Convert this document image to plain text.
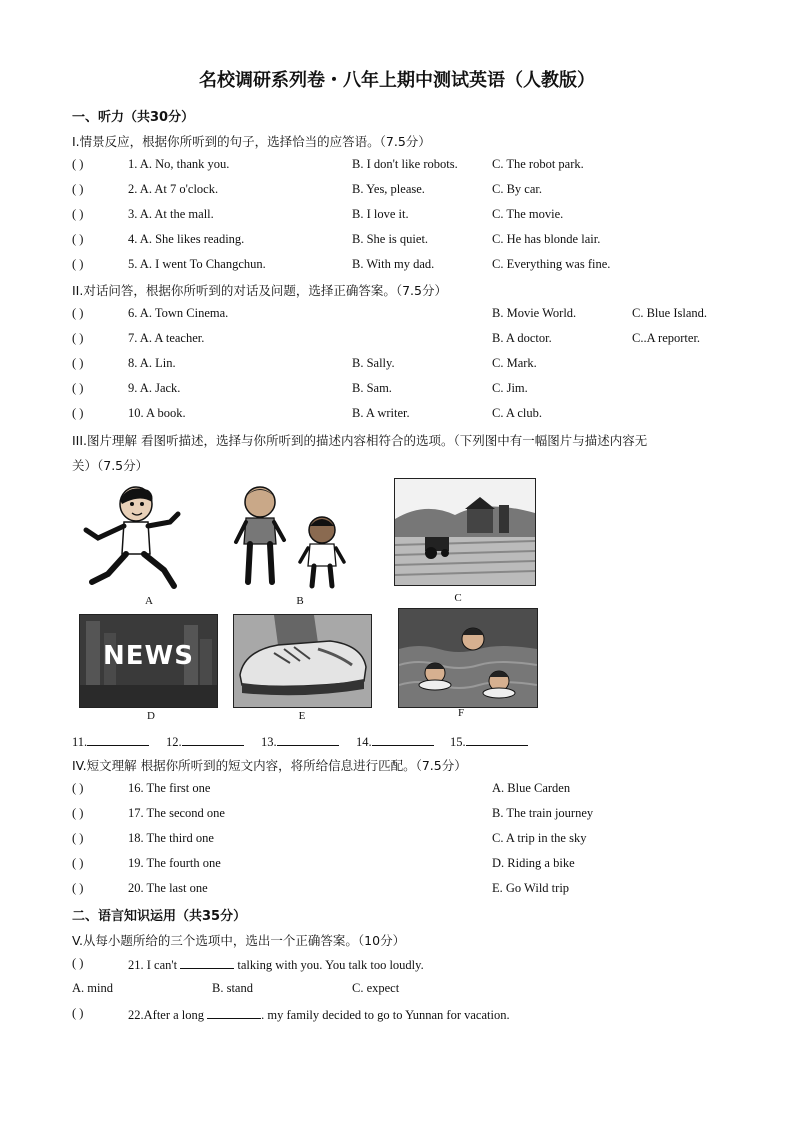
名校调研系列卷・八年上期中测试英语（人教版）
一、听力（共30分）
I.情景反应，根据你所听到的句子，选择恰当的应答语。（7.5分）
( )	1. A. No, thank you.	B. I don't like robots.	C. The robot park.
( )	2. A. At 7 o'clock.	B. Yes, please.	C. By car.
( )	3. A. At the mall.	B. I love it.	C. The movie.
( )	4. A. She likes reading.	B. She is quiet.	C. He has blonde lair.
( )	5. A. I went To Changchun.	B. With my dad.	C. Everything was fine.
II.对话问答，根据你所听到的对话及问题，选择正确答案。（7.5分）
( )	6. A. Town Cinema.	B. Movie World.	C. Blue Island.
( )	7. A. A teacher.	B. A doctor.	C..A reporter.
( )	8. A. Lin.	B. Sally.	C. Mark.
( )	9. A. Jack.	B. Sam.	C. Jim.
( )	10. A book.	B. A writer.	C. A club.
III.图片理解 看图听描述，选择与你所听到的描述内容相符合的选项。（下列图中有一幅图片与描述内容无
关）（7.5分）
A	B	C
NEWS
D	E	F
11.	12.	13.	14.	15.
IV.短文理解 根据你所听到的短文内容，将所给信息进行匹配。（7.5分）
( )	16. The first one	A. Blue Carden
( )	17. The second one	B. The train journey
( )	18. The third one	C. A trip in the sky
( )	19. The fourth one	D. Riding a bike
( )	20. The last one	E. Go Wild trip
二、语言知识运用（共35分）
V.从每小题所给的三个选项中，选出一个正确答案。（10分）
( )	21. I can't	talking with you. You talk too loudly.
A. mind	B. stand	C. expect
( )	22.After a long	. my family decided to go to Yunnan for vacation.
